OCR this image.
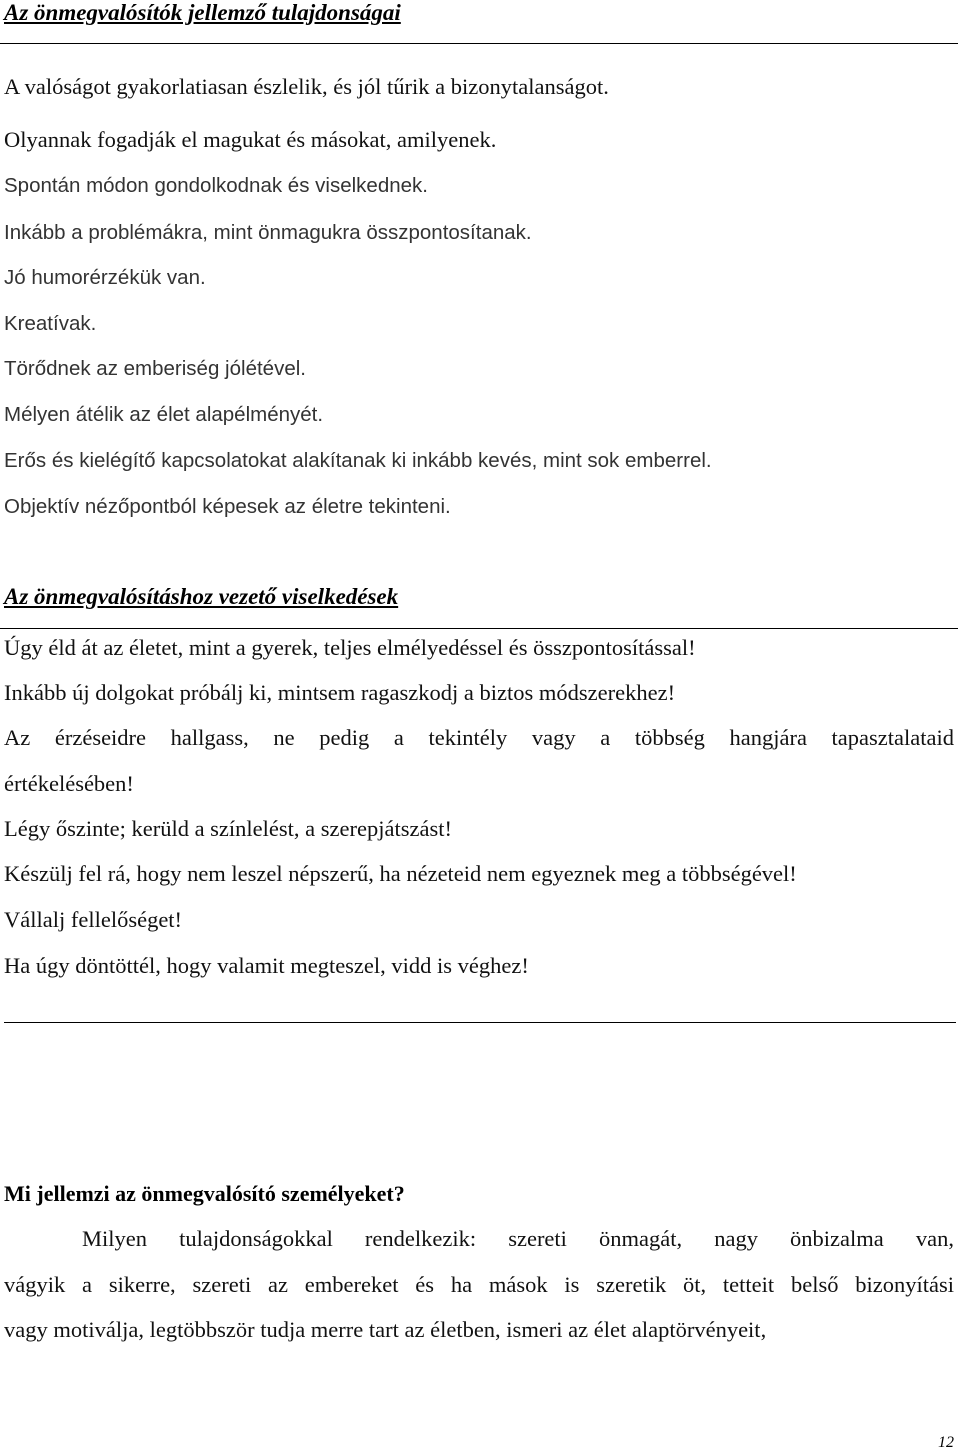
Az önmegvalósítók jellemző tulajdonságai
A valóságot gyakorlatiasan észlelik, és jól tűrik a bizonytalanságot.
Olyannak fogadják el magukat és másokat, amilyenek.
Spontán módon gondolkodnak és viselkednek.
Inkább a problémákra, mint önmagukra összpontosítanak.
Jó humorérzékük van.
Kreatívak.
Törődnek az emberiség jólétével.
Mélyen átélik az élet alapélményét.
Erős és kielégítő kapcsolatokat alakítanak ki inkább kevés, mint sok emberrel.
Objektív nézőpontból képesek az életre tekinteni.
Az önmegvalósításhoz vezető viselkedések
Úgy éld át az életet, mint a gyerek, teljes elmélyedéssel és összpontosítással!
Inkább új dolgokat próbálj ki, mintsem ragaszkodj a biztos módszerekhez!
Az érzéseidre hallgass, ne pedig a tekintély vagy a többség hangjára tapasztalataid
értékelésében!
Légy őszinte; kerüld a színlelést, a szerepjátszást!
Készülj fel rá, hogy nem leszel népszerű, ha nézeteid nem egyeznek meg a többségével!
Vállalj fellelőséget!
Ha úgy döntöttél, hogy valamit megteszel, vidd is véghez!
Mi jellemzi az önmegvalósító személyeket?
Milyen tulajdonságokkal rendelkezik: szereti önmagát, nagy önbizalma van,
vágyik a sikerre, szereti az embereket és ha mások is szeretik öt, tetteit belső bizonyítási
vagy motiválja, legtöbbször tudja merre tart az életben, ismeri az élet alaptörvényeit,
12
